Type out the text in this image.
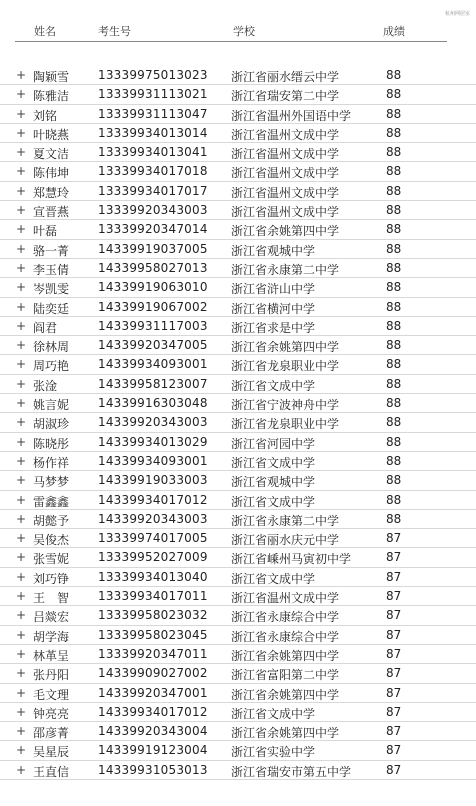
杭州网居室
姓名	考生号	学校	成绩
+ 陶颖雪 13339975013023 浙江省丽水缙云中学	88
+ 陈雅洁 13339931113021 浙江省瑞安第二中学	88
+ 刘铭	13339931113047 浙江省温州外国语中学	88
+ 叶晓燕 13339934013014 浙江省温州文成中学	88
+ 夏文洁 13339934013041 浙江省温州文成中学	88
+ 陈伟坤 13339934017018 浙江省温州文成中学	88
+ 郑慧玲 13339934017017 浙江省温州文成中学	88
+ 宣晋燕 13339920343003 浙江省温州文成中学	88
+ 叶磊	13339920347014 浙江省余姚第四中学	88
+ 骆一菁 14339919037005 浙江省观城中学	88
+ 李玉倩 14339958027013 浙江省永康第二中学	88
+ 岑凯雯 14339919063010 浙江省浒山中学	88
+ 陆奕廷 14339919067002 浙江省横河中学	88
+ 阎君	14339931117003 浙江省求是中学	88
+ 徐林周 14339920347005 浙江省余姚第四中学	88
+ 周巧艳 14339934093001 浙江省龙泉职业中学	88
+ 张淦	14339958123007 浙江省文成中学	88
+ 姚言妮 14339916303048 浙江省宁波神舟中学	88
+ 胡淑珍 14339920343003 浙江省龙泉职业中学	88
+ 陈晓彤 14339934013029 浙江省河园中学	88
+ 杨作祥 14339934093001 浙江省文成中学	88
+ 马梦梦 14339919033003 浙江省观城中学	88
+ 雷鑫鑫 14339934017012 浙江省文成中学	88
+ 胡懿予 14339920343003 浙江省永康第二中学	88
+ 吴俊杰 13339974017005 浙江省丽水庆元中学	87
+ 张雪妮 13339952027009 浙江省嵊州马寅初中学	87
+ 刘巧铮 13339934013040 浙江省文成中学	87
+ 王　智 13339934017011 浙江省温州文成中学	87
+ 吕燚宏 13339958023032 浙江省永康综合中学	87
+ 胡学海 13339958023045 浙江省永康综合中学	87
+ 林革呈 13339920347011 浙江省余姚第四中学	87
+ 张丹阳 14339909027002 浙江省富阳第二中学	87
+ 毛文理 14339920347001 浙江省余姚第四中学	87
+ 钟亮亮 14339934017012 浙江省文成中学	87
+ 邵彦菁 14339920343004 浙江省余姚第四中学	87
+ 吴星辰 14339919123004 浙江省实验中学	87
+ 王直信 14339931053013 浙江省瑞安市第五中学	87
